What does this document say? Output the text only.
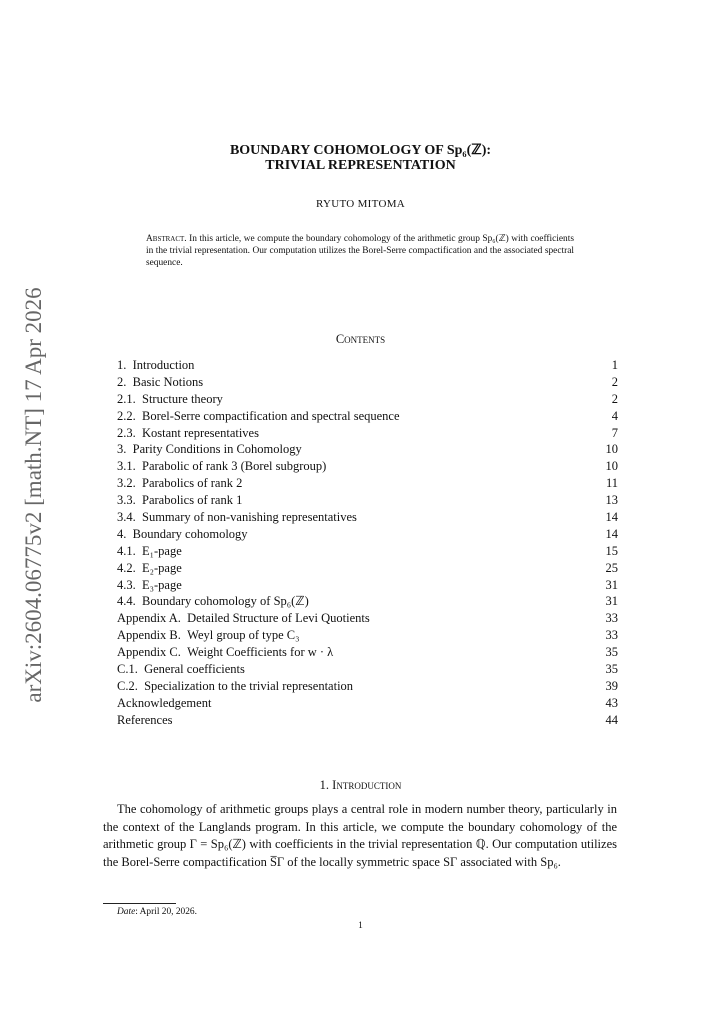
arXiv:2604.06775v2 [math.NT] 17 Apr 2026
BOUNDARY COHOMOLOGY OF Sp₆(ℤ):
TRIVIAL REPRESENTATION
RYUTO MITOMA
Abstract. In this article, we compute the boundary cohomology of the arithmetic group Sp₆(ℤ) with coefficients in the trivial representation. Our computation utilizes the Borel-Serre compactification and the associated spectral sequence.
Contents
1. Introduction	1
2. Basic Notions	2
2.1. Structure theory	2
2.2. Borel-Serre compactification and spectral sequence	4
2.3. Kostant representatives	7
3. Parity Conditions in Cohomology	10
3.1. Parabolic of rank 3 (Borel subgroup)	10
3.2. Parabolics of rank 2	11
3.3. Parabolics of rank 1	13
3.4. Summary of non-vanishing representatives	14
4. Boundary cohomology	14
4.1. E₁-page	15
4.2. E₂-page	25
4.3. E₃-page	31
4.4. Boundary cohomology of Sp₆(ℤ)	31
Appendix A. Detailed Structure of Levi Quotients	33
Appendix B. Weyl group of type C₃	33
Appendix C. Weight Coefficients for w · λ	35
C.1. General coefficients	35
C.2. Specialization to the trivial representation	39
Acknowledgement	43
References	44
1. Introduction
The cohomology of arithmetic groups plays a central role in modern number theory, particularly in the context of the Langlands program. In this article, we compute the boundary cohomology of the arithmetic group Γ = Sp₆(ℤ) with coefficients in the trivial representation ℚ. Our computation utilizes the Borel-Serre compactification S̅Γ of the locally symmetric space SΓ associated with Sp₆.
Date: April 20, 2026.
1
